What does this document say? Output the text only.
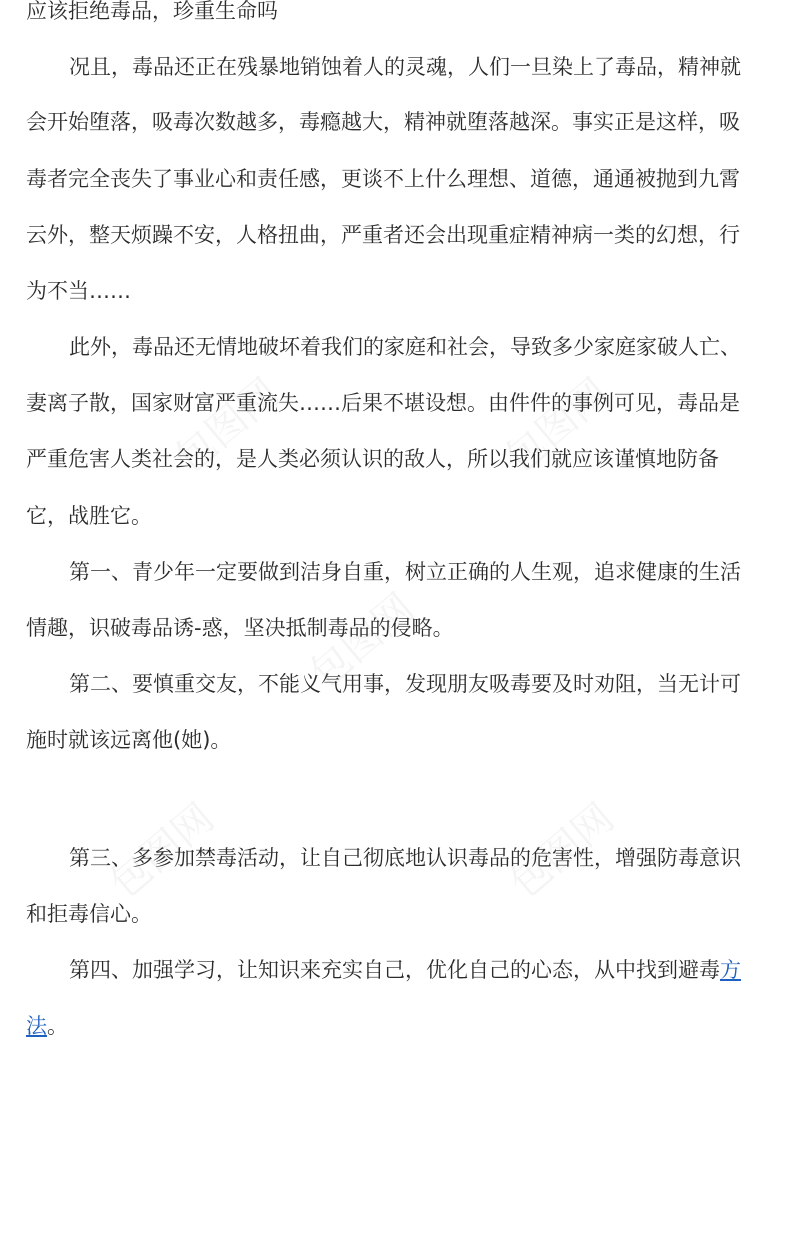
包图网	包图网
包图网
包图网	包图网
应该拒绝毒品，珍重生命吗
况且，毒品还正在残暴地销蚀着人的灵魂，人们一旦染上了毒品，精神就
会开始堕落，吸毒次数越多，毒瘾越大，精神就堕落越深。事实正是这样，吸
毒者完全丧失了事业心和责任感，更谈不上什么理想、道德，通通被抛到九霄
云外，整天烦躁不安，人格扭曲，严重者还会出现重症精神病一类的幻想，行
为不当……
此外，毒品还无情地破坏着我们的家庭和社会，导致多少家庭家破人亡、
妻离子散，国家财富严重流失……后果不堪设想。由件件的事例可见，毒品是
严重危害人类社会的，是人类必须认识的敌人，所以我们就应该谨慎地防备
它，战胜它。
第一、青少年一定要做到洁身自重，树立正确的人生观，追求健康的生活
情趣，识破毒品诱-惑，坚决抵制毒品的侵略。
第二、要慎重交友，不能义气用事，发现朋友吸毒要及时劝阻，当无计可
施时就该远离他(她)。
第三、多参加禁毒活动，让自己彻底地认识毒品的危害性，增强防毒意识
和拒毒信心。
第四、加强学习，让知识来充实自己，优化自己的心态，从中找到避毒方
法。
